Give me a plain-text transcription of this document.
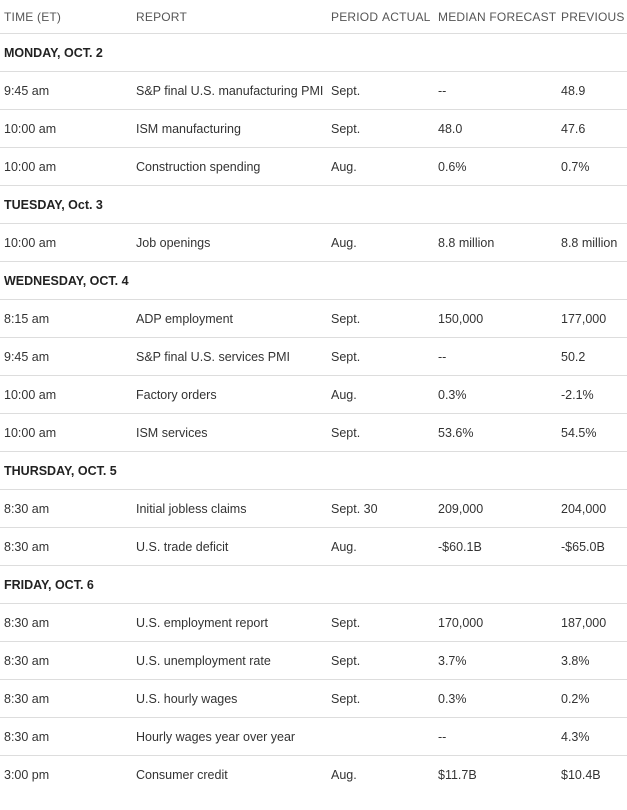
TIME (ET)	REPORT	PERIOD	ACTUAL	MEDIAN FORECAST	PREVIOUS
MONDAY, OCT. 2					
9:45 am	S&P final U.S. manufacturing PMI	Sept.		--	48.9
10:00 am	ISM manufacturing	Sept.		48.0	47.6
10:00 am	Construction spending	Aug.		0.6%	0.7%
TUESDAY, Oct. 3					
10:00 am	Job openings	Aug.		8.8 million	8.8 million
WEDNESDAY, OCT. 4					
8:15 am	ADP employment	Sept.		150,000	177,000
9:45 am	S&P final U.S. services PMI	Sept.		--	50.2
10:00 am	Factory orders	Aug.		0.3%	-2.1%
10:00 am	ISM services	Sept.		53.6%	54.5%
THURSDAY, OCT. 5					
8:30 am	Initial jobless claims	Sept. 30		209,000	204,000
8:30 am	U.S. trade deficit	Aug.		-$60.1B	-$65.0B
FRIDAY, OCT. 6					
8:30 am	U.S. employment report	Sept.		170,000	187,000
8:30 am	U.S. unemployment rate	Sept.		3.7%	3.8%
8:30 am	U.S. hourly wages	Sept.		0.3%	0.2%
8:30 am	Hourly wages year over year			--	4.3%
3:00 pm	Consumer credit	Aug.		$11.7B	$10.4B
